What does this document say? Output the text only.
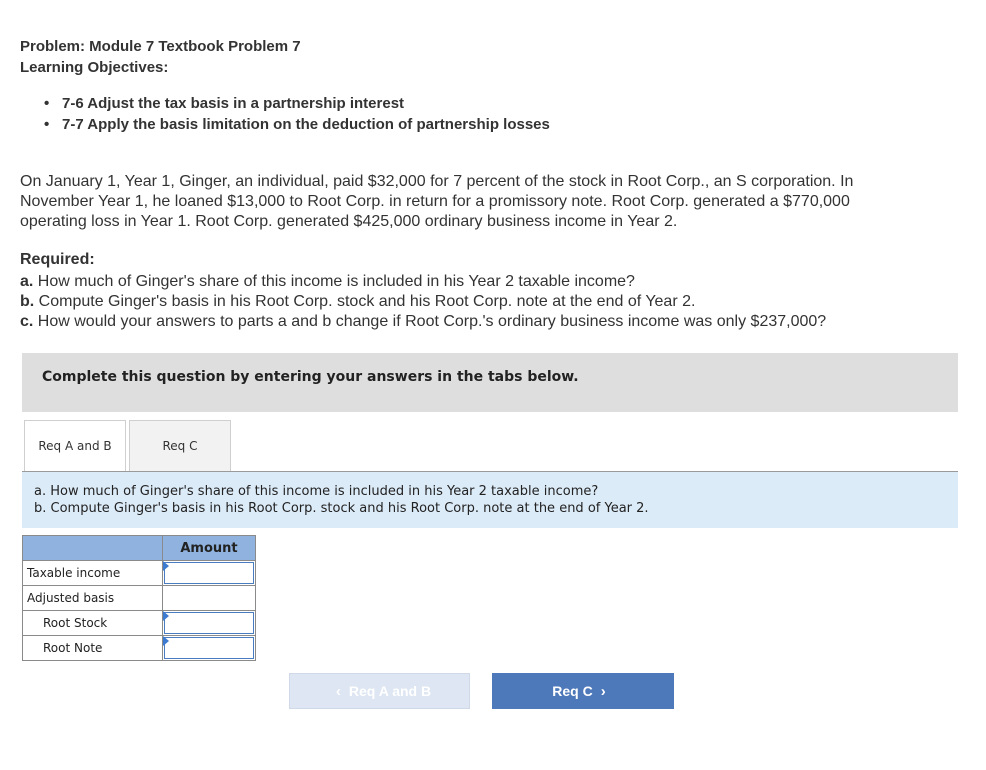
Problem: Module 7 Textbook Problem 7
Learning Objectives:
• 7-6 Adjust the tax basis in a partnership interest
• 7-7 Apply the basis limitation on the deduction of partnership losses

On January 1, Year 1, Ginger, an individual, paid $32,000 for 7 percent of the stock in Root Corp., an S corporation. In November Year 1, he loaned $13,000 to Root Corp. in return for a promissory note. Root Corp. generated a $770,000 operating loss in Year 1. Root Corp. generated $425,000 ordinary business income in Year 2.

Required:
a. How much of Ginger's share of this income is included in his Year 2 taxable income?
b. Compute Ginger's basis in his Root Corp. stock and his Root Corp. note at the end of Year 2.
c. How would your answers to parts a and b change if Root Corp.'s ordinary business income was only $237,000?
Complete this question by entering your answers in the tabs below.
Req A and B	Req C
a. How much of Ginger's share of this income is included in his Year 2 taxable income?
b. Compute Ginger's basis in his Root Corp. stock and his Root Corp. note at the end of Year 2.
	Amount
Taxable income	

Adjusted basis	
Root Stock	

Root Note	
‹ Req A and B	Req C ›
